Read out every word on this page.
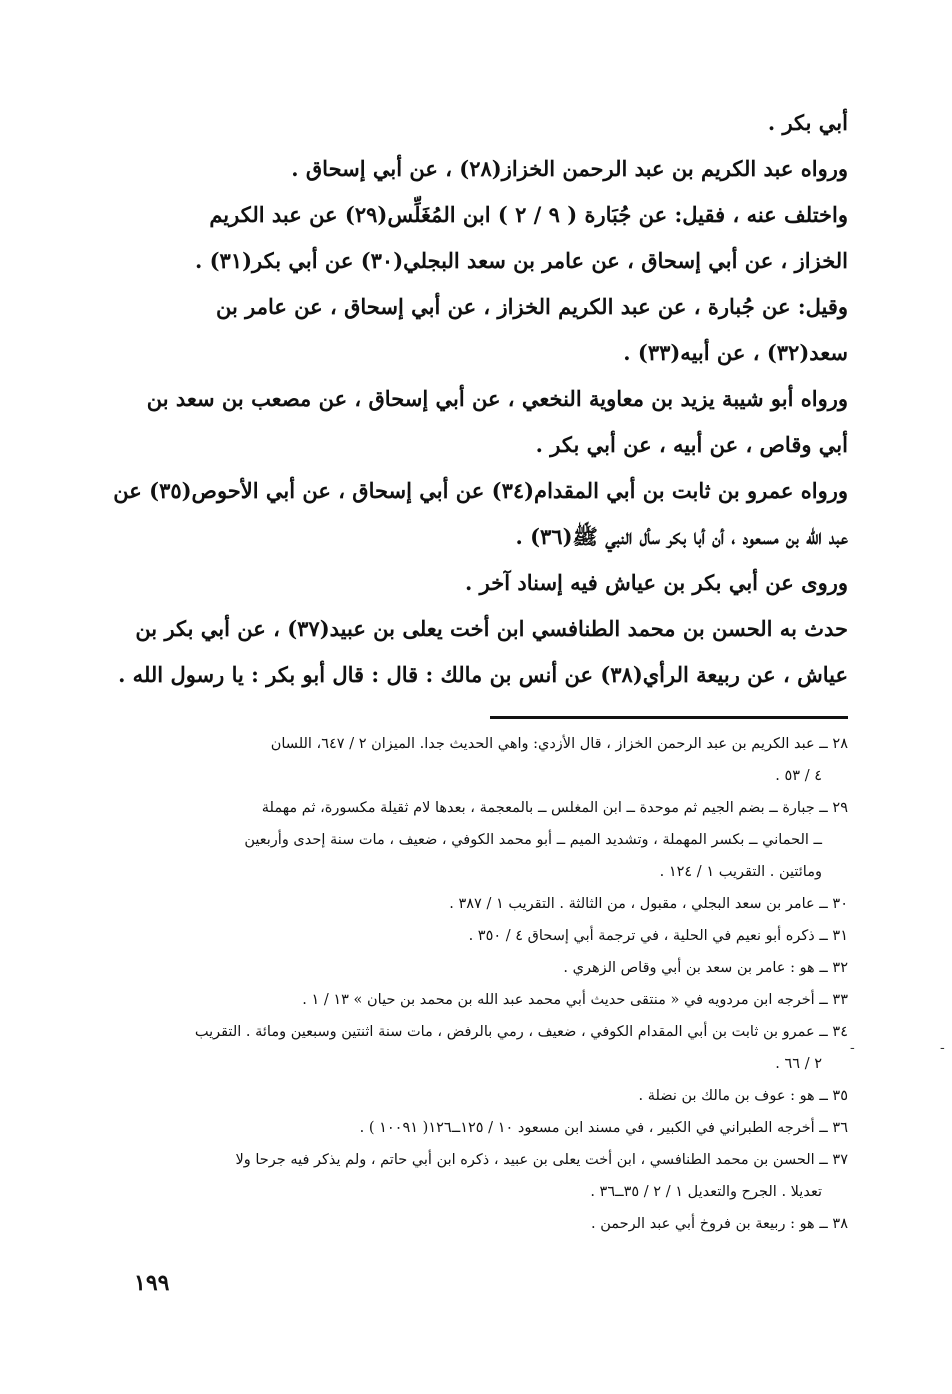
أبي بكر .
ورواه عبد الكريم بن عبد الرحمن الخزاز(٢٨) ، عن أبي إسحاق .
واختلف عنه ، فقيل: عن جُبَارة ( ٩ / ٢ ) ابن المُغَلِّس(٢٩) عن عبد الكريم
الخزاز ، عن أبي إسحاق ، عن عامر بن سعد البجلي(٣٠) عن أبي بكر(٣١) .
وقيل: عن جُبارة ، عن عبد الكريم الخزاز ، عن أبي إسحاق ، عن عامر بن
سعد(٣٢) ، عن أبيه(٣٣) .
ورواه أبو شيبة يزيد بن معاوية النخعي ، عن أبي إسحاق ، عن مصعب بن سعد بن
أبي وقاص ، عن أبيه ، عن أبي بكر .
ورواه عمرو بن ثابت بن أبي المقدام(٣٤) عن أبي إسحاق ، عن أبي الأحوص(٣٥) عن
عبد الله بن مسعود ، أن أبا بكر سأل النبي ﷺ(٣٦) .
وروى عن أبي بكر بن عياش فيه إسناد آخر .
حدث به الحسن بن محمد الطنافسي ابن أخت يعلى بن عبيد(٣٧) ، عن أبي بكر بن
عياش ، عن ربيعة الرأي(٣٨) عن أنس بن مالك : قال : قال أبو بكر : يا رسول الله .
٢٨ ــ عبد الكريم بن عبد الرحمن الخزاز ، قال الأزدي: واهي الحديث جدا. الميزان ٢ / ٦٤٧، اللسان
٤ / ٥٣ .
٢٩ ــ جبارة ــ بضم الجيم ثم موحدة ــ ابن المغلس ــ بالمعجمة ، بعدها لام ثقيلة مكسورة، ثم مهملة
ــ الحماني ــ بكسر المهملة ، وتشديد الميم ــ أبو محمد الكوفي ، ضعيف ، مات سنة إحدى وأربعين
ومائتين . التقريب ١ / ١٢٤ .
٣٠ ــ عامر بن سعد البجلي ، مقبول ، من الثالثة . التقريب ١ / ٣٨٧ .
٣١ ــ ذكره أبو نعيم في الحلية ، في ترجمة أبي إسحاق ٤ / ٣٥٠ .
٣٢ ــ هو : عامر بن سعد بن أبي وقاص الزهري .
٣٣ ــ أخرجه ابن مردويه في « منتقى حديث أبي محمد عبد الله بن محمد بن حيان » ١٣ / ١ .
٣٤ ــ عمرو بن ثابت بن أبي المقدام الكوفي ، ضعيف ، رمي بالرفض ، مات سنة اثنتين وسبعين ومائة . التقريب
٢ / ٦٦ .
٣٥ ــ هو : عوف بن مالك بن نضلة .
٣٦ ــ أخرجه الطبراني في الكبير ، في مسند ابن مسعود ١٠ / ١٢٥ــ١٢٦( ١٠٠٩١ ) .
٣٧ ــ الحسن بن محمد الطنافسي ، ابن أخت يعلى بن عبيد ، ذكره ابن أبي حاتم ، ولم يذكر فيه جرحا ولا
تعديلا . الجرح والتعديل ١ / ٢ / ٣٥ــ٣٦ .
٣٨ ــ هو : ربيعة بن فروخ أبي عبد الرحمن .
١٩٩
-	-
